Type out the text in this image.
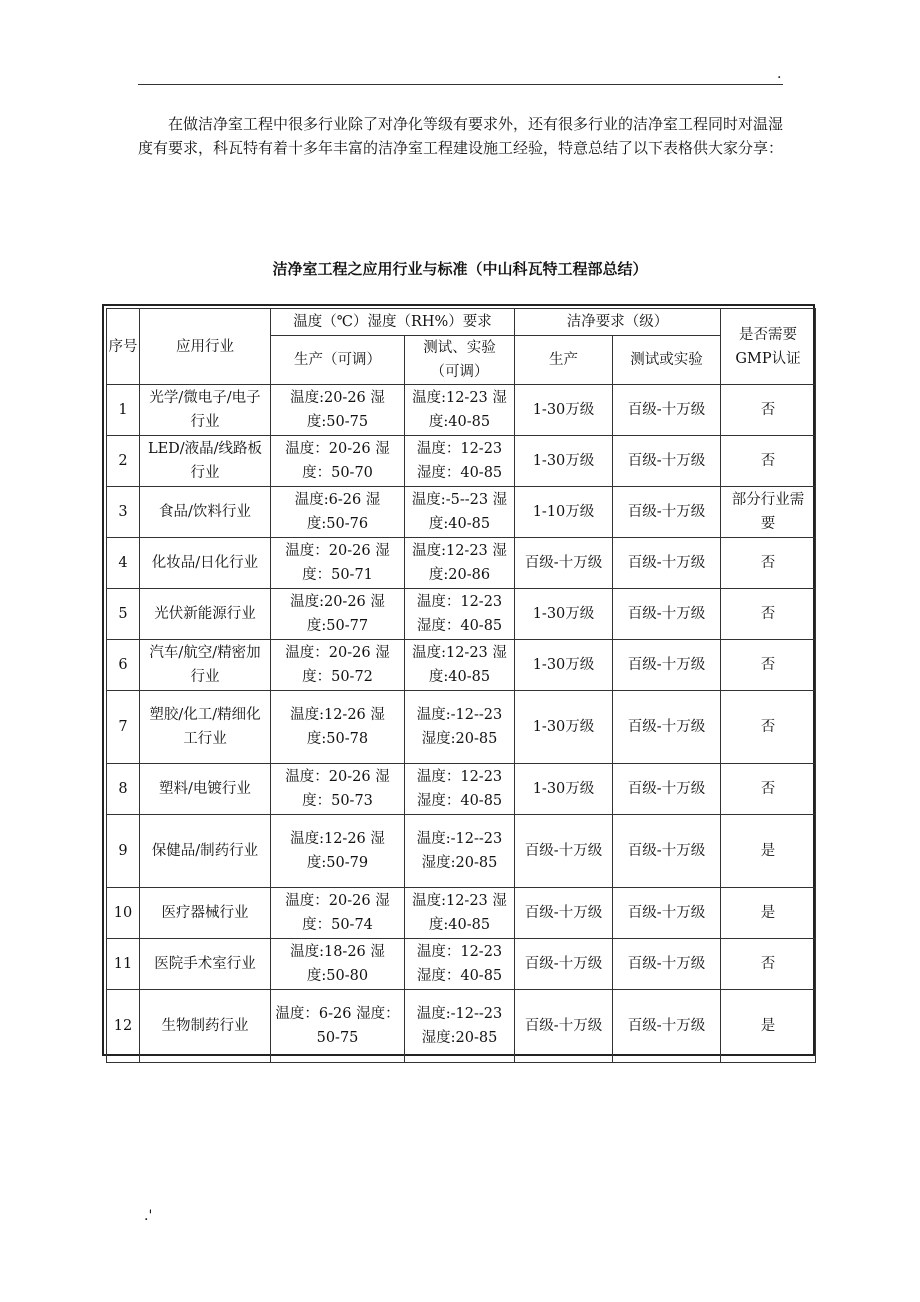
.

在做洁净室工程中很多行业除了对净化等级有要求外，还有很多行业的洁净室工程同时对温湿度有要求，科瓦特有着十多年丰富的洁净室工程建设施工经验，特意总结了以下表格供大家分享：

洁净室工程之应用行业与标准（中山科瓦特工程部总结）

序号	应用行业	温度（℃）湿度（RH%）要求		洁净要求（级）		是否需要GMP认证
		生产（可调）	测试、实验（可调）	生产	测试或实验	
1	光学/微电子/电子行业	温度:20-26 湿度:50-75	温度:12-23 湿度:40-85	1-30万级	百级-十万级	否
2	LED/液晶/线路板行业	温度：20-26 湿度：50-70	温度：12-23 湿度：40-85	1-30万级	百级-十万级	否
3	食品/饮料行业	温度:6-26 湿度:50-76	温度:-5--23 湿度:40-85	1-10万级	百级-十万级	部分行业需要
4	化妆品/日化行业	温度：20-26 湿度：50-71	温度:12-23 湿度:20-86	百级-十万级	百级-十万级	否
5	光伏新能源行业	温度:20-26 湿度:50-77	温度：12-23 湿度：40-85	1-30万级	百级-十万级	否
6	汽车/航空/精密加行业	温度：20-26 湿度：50-72	温度:12-23 湿度:40-85	1-30万级	百级-十万级	否
7	塑胶/化工/精细化工行业	温度:12-26 湿度:50-78	温度:-12--23 湿度:20-85	1-30万级	百级-十万级	否
8	塑料/电镀行业	温度：20-26 湿度：50-73	温度：12-23 湿度：40-85	1-30万级	百级-十万级	否
9	保健品/制药行业	温度:12-26 湿度:50-79	温度:-12--23 湿度:20-85	百级-十万级	百级-十万级	是
10	医疗器械行业	温度：20-26 湿度：50-74	温度:12-23 湿度:40-85	百级-十万级	百级-十万级	是
11	医院手术室行业	温度:18-26 湿度:50-80	温度：12-23 湿度：40-85	百级-十万级	百级-十万级	否
12	生物制药行业	温度：6-26 湿度：50-75	温度:-12--23 湿度:20-85	百级-十万级	百级-十万级	是
.'
